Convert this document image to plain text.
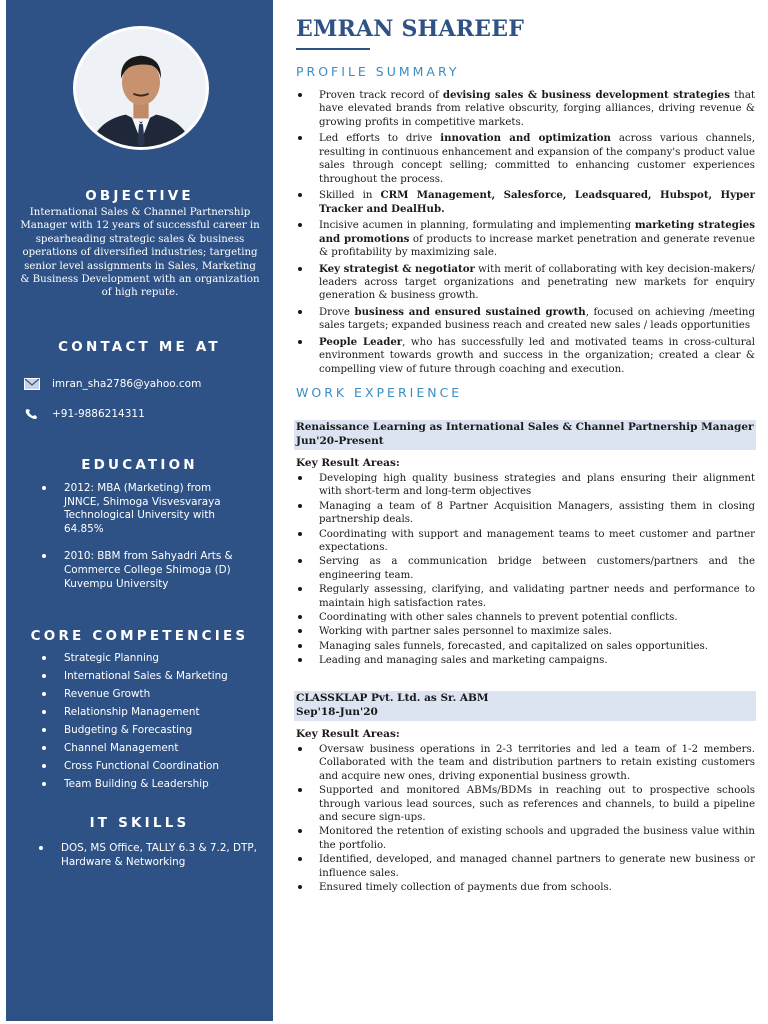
OBJECTIVE
International Sales & Channel Partnership Manager with 12 years of successful career in spearheading strategic sales & business operations of diversified industries; targeting senior level assignments in Sales, Marketing & Business Development with an organization of high repute.
CONTACT ME AT
imran_sha2786@yahoo.com
+91-9886214311
EDUCATION
2012: MBA (Marketing) from JNNCE, Shimoga Visvesvaraya Technological University with 64.85%
2010: BBM from Sahyadri Arts & Commerce College Shimoga (D) Kuvempu University
CORE COMPETENCIES
Strategic Planning
International Sales & Marketing
Revenue Growth
Relationship Management
Budgeting & Forecasting
Channel Management
Cross Functional Coordination
Team Building & Leadership
IT SKILLS
DOS, MS Office, TALLY 6.3 & 7.2, DTP, Hardware & Networking
EMRAN SHAREEF
PROFILE SUMMARY
Proven track record of devising sales & business development strategies that have elevated brands from relative obscurity, forging alliances, driving revenue & growing profits in competitive markets.
Led efforts to drive innovation and optimization across various channels, resulting in continuous enhancement and expansion of the company's product value sales through concept selling; committed to enhancing customer experiences throughout the process.
Skilled in CRM Management, Salesforce, Leadsquared, Hubspot, Hyper Tracker and DealHub.
Incisive acumen in planning, formulating and implementing marketing strategies and promotions of products to increase market penetration and generate revenue & profitability by maximizing sale.
Key strategist & negotiator with merit of collaborating with key decision-makers/ leaders across target organizations and penetrating new markets for enquiry generation & business growth.
Drove business and ensured sustained growth, focused on achieving /meeting sales targets; expanded business reach and created new sales / leads opportunities
People Leader, who has successfully led and motivated teams in cross-cultural environment towards growth and success in the organization; created a clear & compelling view of future through coaching and execution.
WORK EXPERIENCE
Renaissance Learning as International Sales & Channel Partnership Manager
Jun'20-Present
Key Result Areas:
Developing high quality business strategies and plans ensuring their alignment with short-term and long-term objectives
Managing a team of 8 Partner Acquisition Managers, assisting them in closing partnership deals.
Coordinating with support and management teams to meet customer and partner expectations.
Serving as a communication bridge between customers/partners and the engineering team.
Regularly assessing, clarifying, and validating partner needs and performance to maintain high satisfaction rates.
Coordinating with other sales channels to prevent potential conflicts.
Working with partner sales personnel to maximize sales.
Managing sales funnels, forecasted, and capitalized on sales opportunities.
Leading and managing sales and marketing campaigns.
CLASSKLAP Pvt. Ltd. as Sr. ABM
Sep'18-Jun'20
Key Result Areas:
Oversaw business operations in 2-3 territories and led a team of 1-2 members. Collaborated with the team and distribution partners to retain existing customers and acquire new ones, driving exponential business growth.
Supported and monitored ABMs/BDMs in reaching out to prospective schools through various lead sources, such as references and channels, to build a pipeline and secure sign-ups.
Monitored the retention of existing schools and upgraded the business value within the portfolio.
Identified, developed, and managed channel partners to generate new business or influence sales.
Ensured timely collection of payments due from schools.
